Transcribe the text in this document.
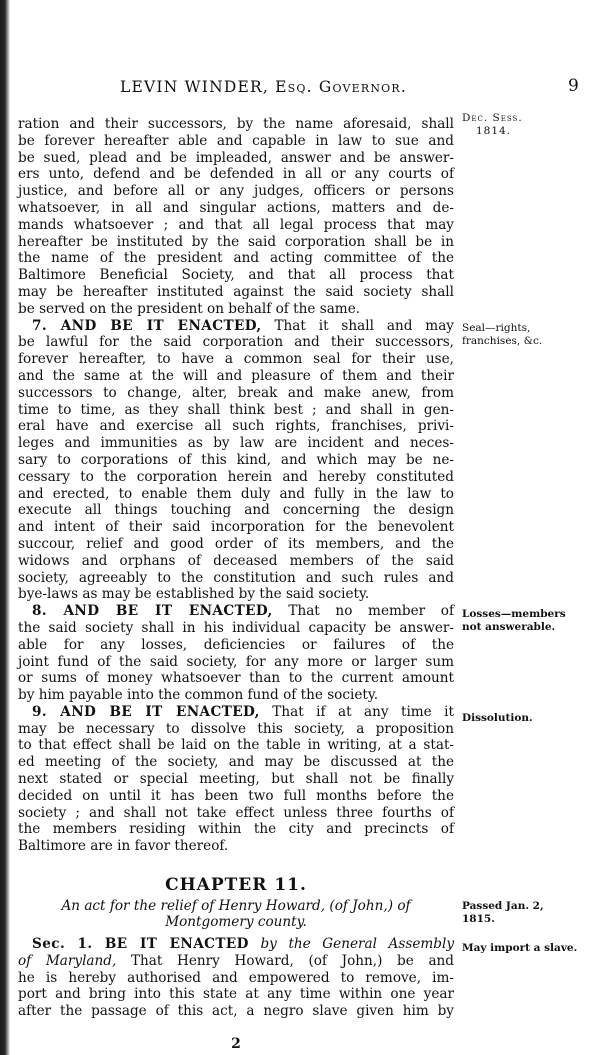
LEVIN WINDER, Esq. Governor.	9
Dec. Sess.
1814.
Seal—rights, franchises, &c.
Losses—members not answerable.
Dissolution.
Passed Jan. 2, 1815.
May import a slave.
ration and their successors, by the name aforesaid, shall
be forever hereafter able and capable in law to sue and
be sued, plead and be impleaded, answer and be answer-
ers unto, defend and be defended in all or any courts of
justice, and before all or any judges, officers or persons
whatsoever, in all and singular actions, matters and de-
mands whatsoever ; and that all legal process that may
hereafter be instituted by the said corporation shall be in
the name of the president and acting committee of the
Baltimore Beneficial Society, and that all process that
may be hereafter instituted against the said society shall
be served on the president on behalf of the same.
7. AND BE IT ENACTED, That it shall and may
be lawful for the said corporation and their successors,
forever hereafter, to have a common seal for their use,
and the same at the will and pleasure of them and their
successors to change, alter, break and make anew, from
time to time, as they shall think best ; and shall in gen-
eral have and exercise all such rights, franchises, privi-
leges and immunities as by law are incident and neces-
sary to corporations of this kind, and which may be ne-
cessary to the corporation herein and hereby constituted
and erected, to enable them duly and fully in the law to
execute all things touching and concerning the design
and intent of their said incorporation for the benevolent
succour, relief and good order of its members, and the
widows and orphans of deceased members of the said
society, agreeably to the constitution and such rules and
bye-laws as may be established by the said society.
8. AND BE IT ENACTED, That no member of
the said society shall in his individual capacity be answer-
able for any losses, deficiencies or failures of the
joint fund of the said society, for any more or larger sum
or sums of money whatsoever than to the current amount
by him payable into the common fund of the society.
9. AND BE IT ENACTED, That if at any time it
may be necessary to dissolve this society, a proposition
to that effect shall be laid on the table in writing, at a stat-
ed meeting of the society, and may be discussed at the
next stated or special meeting, but shall not be finally
decided on until it has been two full months before the
society ; and shall not take effect unless three fourths of
the members residing within the city and precincts of
Baltimore are in favor thereof.
CHAPTER 11.
An act for the relief of Henry Howard, (of John,) of
Montgomery county.
Sec. 1. BE IT ENACTED by the General Assembly
of Maryland, That Henry Howard, (of John,) be and
he is hereby authorised and empowered to remove, im-
port and bring into this state at any time within one year
after the passage of this act, a negro slave given him by
2
